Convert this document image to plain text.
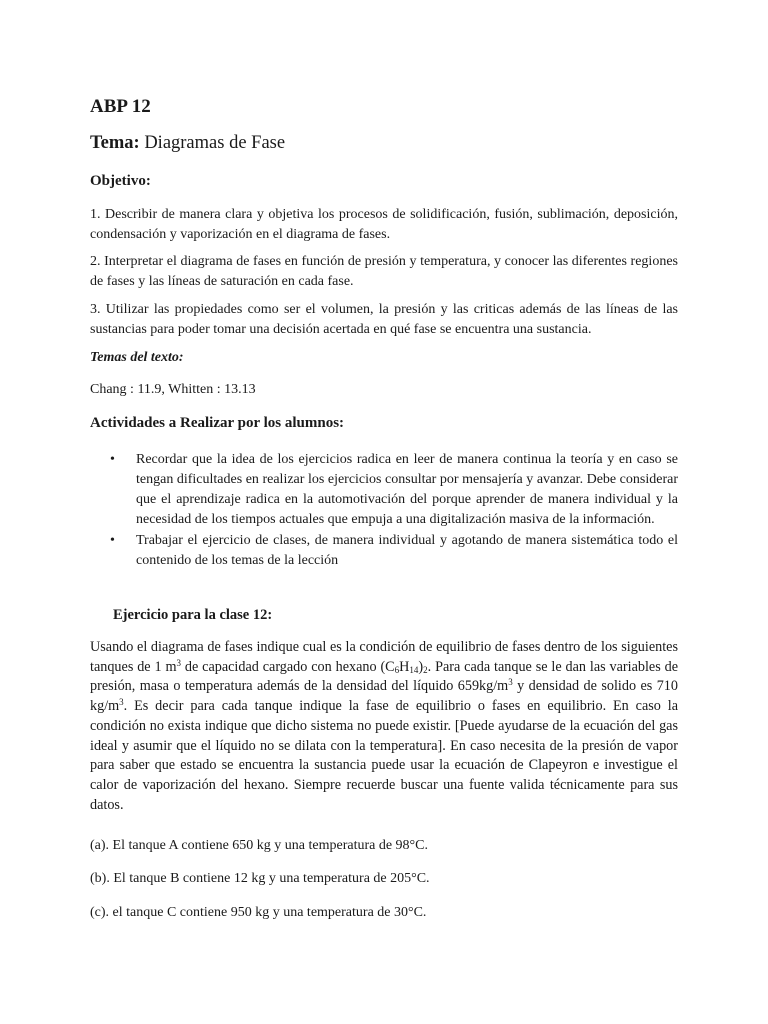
ABP 12
Tema: Diagramas de Fase
Objetivo:

1. Describir de manera clara y objetiva los procesos de solidificación, fusión, sublimación, deposición, condensación y vaporización en el diagrama de fases.

2. Interpretar el diagrama de fases en función de presión y temperatura, y conocer las diferentes regiones de fases y las líneas de saturación en cada fase.

3. Utilizar las propiedades como ser el volumen, la presión y las criticas además de las líneas de las sustancias para poder tomar una decisión acertada en qué fase se encuentra una sustancia.

Temas del texto:

Chang : 11.9, Whitten : 13.13

Actividades a Realizar por los alumnos:
• Recordar que la idea de los ejercicios radica en leer de manera continua la teoría y en caso se tengan dificultades en realizar los ejercicios consultar por mensajería y avanzar. Debe considerar que el aprendizaje radica en la automotivación del porque aprender de manera individual y la necesidad de los tiempos actuales que empuja a una digitalización masiva de la información.
• Trabajar el ejercicio de clases, de manera individual y agotando de manera sistemática todo el contenido de los temas de la lección
Ejercicio para la clase 12:

Usando el diagrama de fases indique cual es la condición de equilibrio de fases dentro de los siguientes tanques de 1 $m^3$ de capacidad cargado con hexano $(C_6H_{14})_2$. Para cada tanque se le dan las variables de presión, masa o temperatura además de la densidad del líquido $659kg/m^3$ y densidad de solido es 710 $kg/m^3$. Es decir para cada tanque indique la fase de equilibrio o fases en equilibrio. En caso la condición no exista indique que dicho sistema no puede existir. [Puede ayudarse de la ecuación del gas ideal y asumir que el líquido no se dilata con la temperatura]. En caso necesita de la presión de vapor para saber que estado se encuentra la sustancia puede usar la ecuación de Clapeyron e investigue el calor de vaporización del hexano. Siempre recuerde buscar una fuente valida técnicamente para sus datos.

(a). El tanque A contiene 650 kg y una temperatura de 98°C.

(b). El tanque B contiene 12 kg y una temperatura de 205°C.

(c). el tanque C contiene 950 kg y una temperatura de 30°C.
